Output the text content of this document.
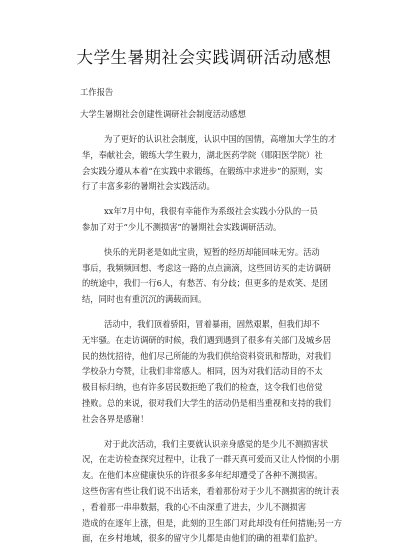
大学生暑期社会实践调研活动感想
工作报告
大学生暑期社会创建性调研社会制度活动感想
为了更好的认识社会制度，认识中国的国情，高增加大学生的才
华，奉献社会，锻练大学生毅力，湖北医药学院（郧阳医学院）社
会实践分遵从本着“在实践中求锻练，在锻练中求进步”的原则，实
行了丰富多彩的暑期社会实践活动。
xx年7月中旬，我很有幸能作为系级社会实践小分队的一员
参加了对于“少儿不测损害”的暑期社会实践调研活动。
快乐的光阴老是如此宝贵，短暂的经历却能回味无穷。活动
事后，我频频回想、考虑这一路的点点滴滴，这些回访买的走访调研
的统途中，我们一行6人，有愁苦、有分歧；但更多的是欢笑、是团
结，同时也有重沉沉的满载而回。
活动中，我们顶着骄阳，冒着暴雨，固然艰累，但我们却不
无牢骚。在走访调研的时候，我们遇到遇到了很多有关部门及城乡居
民的热忱招待，他们尽己所能的为我们供给资料资讯和帮助，对我们
学校杂力夸赞，让我们非常感人。相同，因为对我们活动目的不太
极目标归纳，也有许多居民数拒绝了我们的检查，这令我们也倍觉
挫败。总的来说，很对我们大学生的活动仍是相当重视和支持的我们
社会各界是感谢！
对于此次活动，我们主要就认识亲身感觉的是少儿不测损害状
况，在走访检查探究过程中，让我了一群天真可爱而又让人怜悯的小朋
友。在他们本应健康快乐的许很多多年纪却遭受了各种不测损害。
这些伤害有些让我们说不出话来，看着那份对于少儿不测损害的统计表
，看着那一串串数据，我的心不由深重了进去，少儿不测损害
造成的在逐年上涨，但是，此刻的卫生部门对此却没有任何措施;另一方
面，在乡村地域，很多的留守少儿都是由他们的确的祖辈们监护。
